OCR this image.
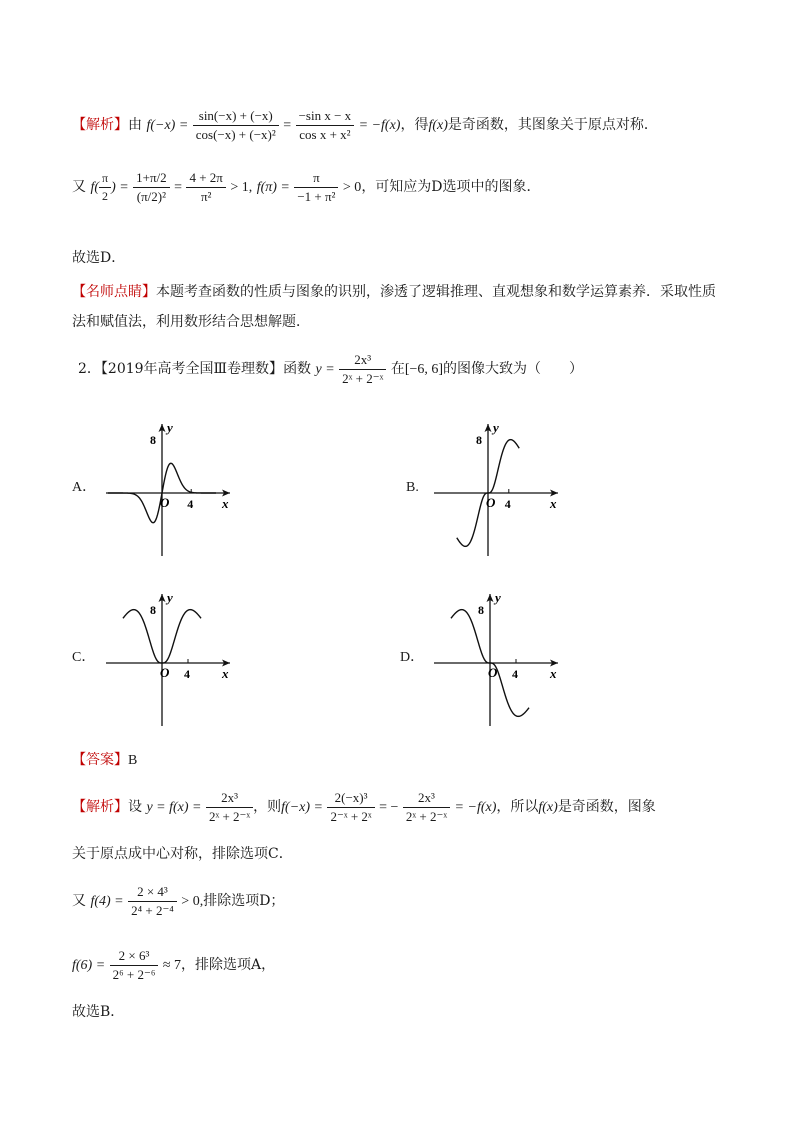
【解析】由 $f(-x) = \frac{\sin(-x) + (-x)}{\text{cos(−x) + (−x)²}} = \frac{\text{−sin x − x}}{\text{cos x + x²}} = -f(x)$，得f(x)是奇函数，其图象关于原点对称．
又 $f( \frac{\pi}{2}$ ) = $\frac{1+\pi/2}{\text{(π/2)²}} = \frac{4 + 2\pi}{\text{π²}} > 1$, $f(\pi) = \frac{\pi}{\text{−1 + π²}} > 0$，可知应为D选项中的图象．
故选D．
【名师点睛】本题考查函数的性质与图象的识别，渗透了逻辑推理、直观想象和数学运算素养．采取性质
法和赋值法，利用数形结合思想解题．
2．【2019年高考全国Ⅲ卷理数】函数 $y = \frac{\text{2x³}}{\text{2ˣ + 2⁻ˣ}}$ 在[−6, 6]的图像大致为（　　）
A．
8
y
O 4 x
B.
8
y
O 4	x
C．
8
y
O 4 x
D．
8
y
O 4 x
【答案】B
【解析】设 $y = f(x) = \frac{\text{2x³}}{\text{2ˣ + 2⁻ˣ}}$ ，则$f(-x) = \frac{\text{2(−x)³}}{\text{2⁻ˣ + 2ˣ}}$ = − $\frac{\text{2x³}}{\text{2ˣ + 2⁻ˣ}} = -f(x)$，所以f(x)是奇函数，图象
关于原点成中心对称，排除选项C．
又 $f(4) = \frac{\text{2 × 4³}}{\text{2⁴ + 2⁻⁴}} > 0$,排除选项D；
$f(6) = \frac{\text{2 × 6³}}{\text{2⁶ + 2⁻⁶}} \approx 7$，排除选项A，
故选B．
